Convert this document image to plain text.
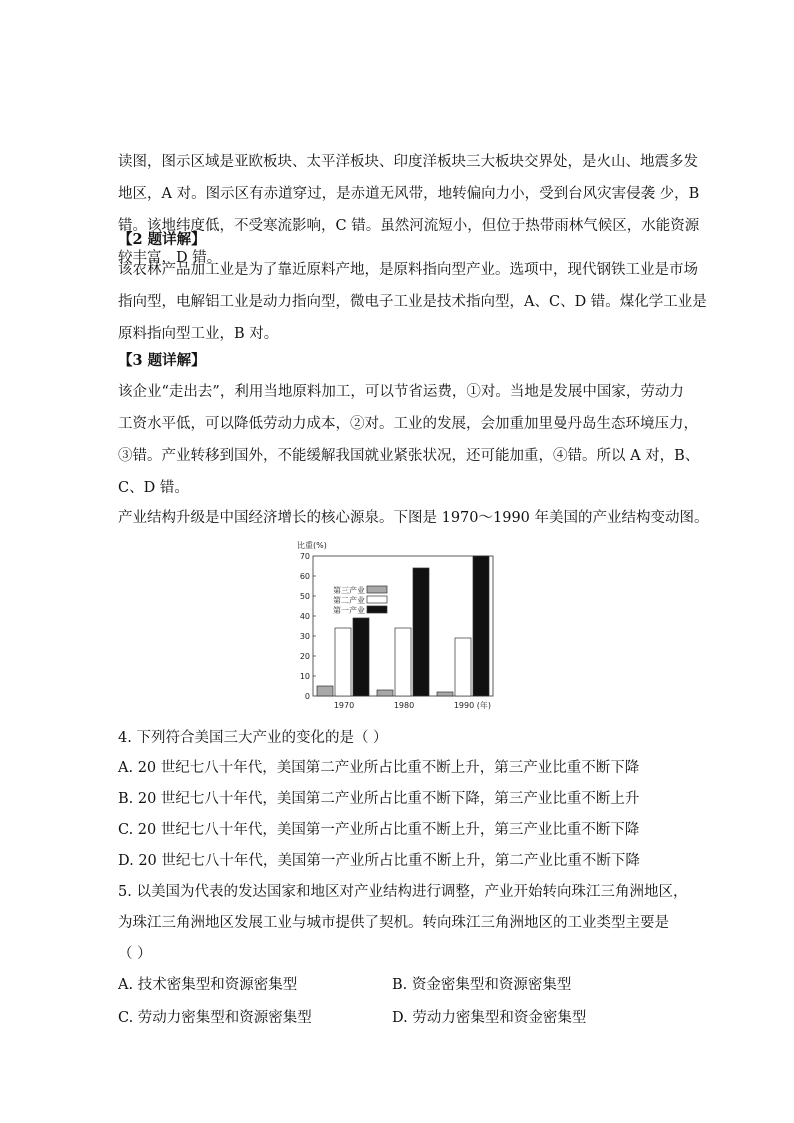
读图，图示区域是亚欧板块、太平洋板块、印度洋板块三大板块交界处，是火山、地震多发
地区，A 对。图示区有赤道穿过，是赤道无风带，地转偏向力小，受到台风灾害侵袭 少，B
错。该地纬度低，不受寒流影响，C 错。虽然河流短小，但位于热带雨林气候区，水能资源
较丰富，D 错。
【2 题详解】
该农林产品加工业是为了靠近原料产地，是原料指向型产业。选项中，现代钢铁工业是市场
指向型，电解铝工业是动力指向型，微电子工业是技术指向型，A、C、D 错。煤化学工业是
原料指向型工业，B 对。
【3 题详解】
该企业“走出去”，利用当地原料加工，可以节省运费，①对。当地是发展中国家，劳动力
工资水平低，可以降低劳动力成本，②对。工业的发展，会加重加里曼丹岛生态环境压力，
③错。产业转移到国外，不能缓解我国就业紧张状况，还可能加重，④错。所以 A 对，B、
C、D 错。
产业结构升级是中国经济增长的核心源泉。下图是 1970～1990 年美国的产业结构变动图。
0
10
20
30
40
50
60
70
比重(%)
1970	1980	1990 (年)
第三产业
第二产业
第一产业
4. 下列符合美国三大产业的变化的是（ ）
A. 20 世纪七八十年代，美国第二产业所占比重不断上升，第三产业比重不断下降
B. 20 世纪七八十年代，美国第二产业所占比重不断下降，第三产业比重不断上升
C. 20 世纪七八十年代，美国第一产业所占比重不断上升，第三产业比重不断下降
D. 20 世纪七八十年代，美国第一产业所占比重不断上升，第二产业比重不断下降
5. 以美国为代表的发达国家和地区对产业结构进行调整，产业开始转向珠江三角洲地区，
为珠江三角洲地区发展工业与城市提供了契机。转向珠江三角洲地区的工业类型主要是
（ ）
A. 技术密集型和资源密集型	B. 资金密集型和资源密集型
C. 劳动力密集型和资源密集型	D. 劳动力密集型和资金密集型
